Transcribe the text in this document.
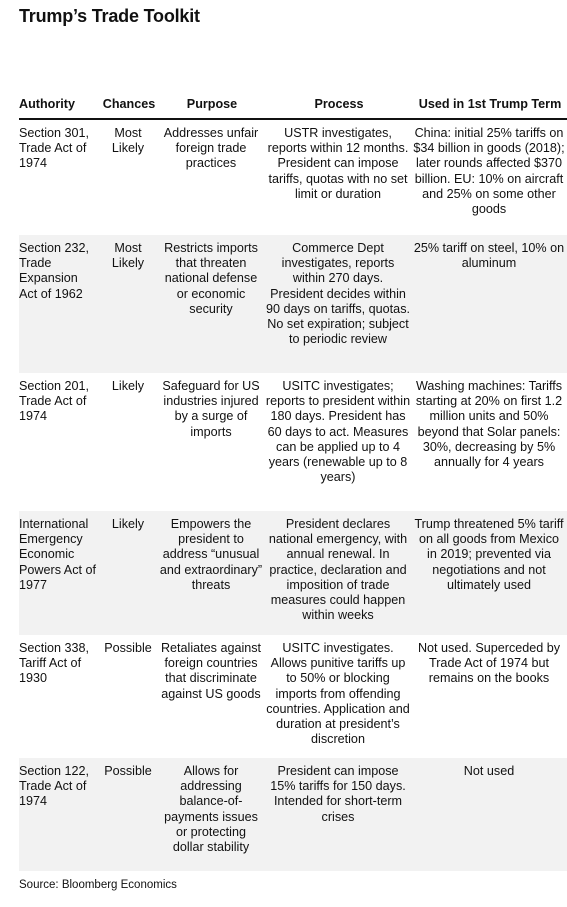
Trump’s Trade Toolkit
Authority	Chances	Purpose	Process	Used in 1st Trump Term
Section 301, Trade Act of 1974	Most Likely	Addresses unfair foreign trade practices	USTR investigates, reports within 12 months. President can impose tariffs, quotas with no set limit or duration	China: initial 25% tariffs on $34 billion in goods (2018); later rounds affected $370 billion. EU: 10% on aircraft and 25% on some other goods
Section 232, Trade Expansion Act of 1962	Most Likely	Restricts imports that threaten national defense or economic security	Commerce Dept investigates, reports within 270 days. President decides within 90 days on tariffs, quotas. No set expiration; subject to periodic review	25% tariff on steel, 10% on aluminum
Section 201, Trade Act of 1974	Likely	Safeguard for US industries injured by a surge of imports	USITC investigates; reports to president within 180 days. President has 60 days to act. Measures can be applied up to 4 years (renewable up to 8 years)	Washing machines: Tariffs starting at 20% on first 1.2 million units and 50% beyond that Solar panels: 30%, decreasing by 5% annually for 4 years
International Emergency Economic Powers Act of 1977	Likely	Empowers the president to address “unusual and extraordinary” threats	President declares national emergency, with annual renewal. In practice, declaration and imposition of trade measures could happen within weeks	Trump threatened 5% tariff on all goods from Mexico in 2019; prevented via negotiations and not ultimately used
Section 338, Tariff Act of 1930	Possible	Retaliates against foreign countries that discriminate against US goods	USITC investigates. Allows punitive tariffs up to 50% or blocking imports from offending countries. Application and duration at president’s discretion	Not used. Superceded by Trade Act of 1974 but remains on the books
Section 122, Trade Act of 1974	Possible	Allows for addressing balance-of-payments issues or protecting dollar stability	President can impose 15% tariffs for 150 days. Intended for short-term crises	Not used
Source: Bloomberg Economics
